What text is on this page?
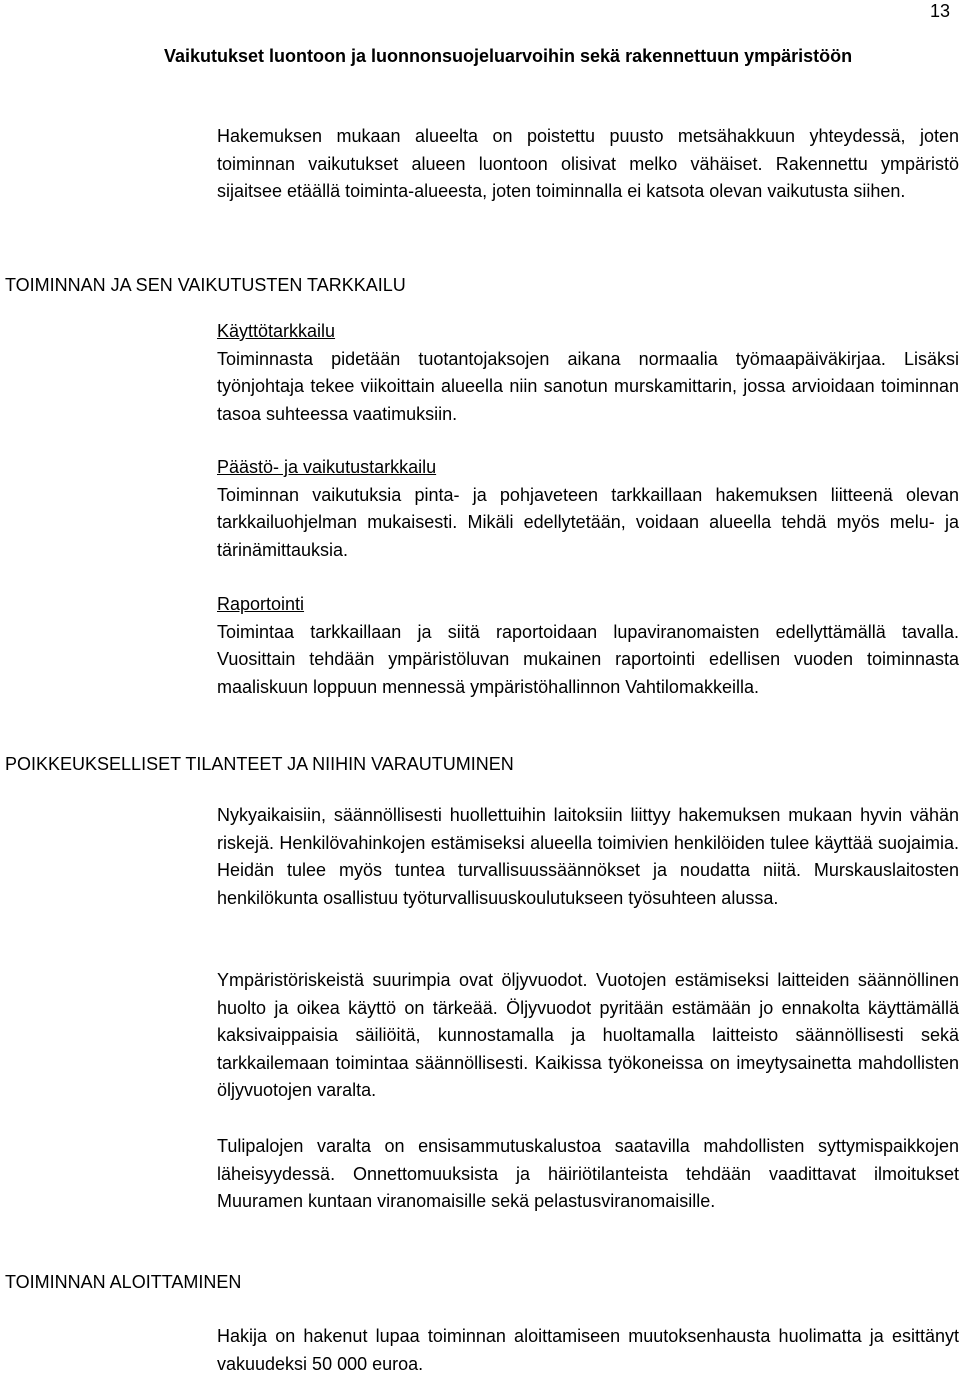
13
Vaikutukset luontoon ja luonnonsuojeluarvoihin sekä rakennettuun ympäristöön

Hakemuksen mukaan alueelta on poistettu puusto metsähakkuun yhteydessä, joten toiminnan vaikutukset alueen luontoon olisivat melko vähäiset. Rakennettu ympäristö sijaitsee etäällä toiminta-alueesta, joten toiminnalla ei katsota olevan vaikutusta siihen.

TOIMINNAN JA SEN VAIKUTUSTEN TARKKAILU
Käyttötarkkailu
Toiminnasta pidetään tuotantojaksojen aikana normaalia työmaapäiväkirjaa. Lisäksi työnjohtaja tekee viikoittain alueella niin sanotun murskamittarin, jossa arvioidaan toiminnan tasoa suhteessa vaatimuksiin.
Päästö- ja vaikutustarkkailu
Toiminnan vaikutuksia pinta- ja pohjaveteen tarkkaillaan hakemuksen liitteenä olevan tarkkailuohjelman mukaisesti. Mikäli edellytetään, voidaan alueella tehdä myös melu- ja tärinämittauksia.
Raportointi
Toimintaa tarkkaillaan ja siitä raportoidaan lupaviranomaisten edellyttämällä tavalla. Vuosittain tehdään ympäristöluvan mukainen raportointi edellisen vuoden toiminnasta maaliskuun loppuun mennessä ympäristöhallinnon Vahtilomakkeilla.
POIKKEUKSELLISET TILANTEET JA NIIHIN VARAUTUMINEN

Nykyaikaisiin, säännöllisesti huollettuihin laitoksiin liittyy hakemuksen mukaan hyvin vähän riskejä. Henkilövahinkojen estämiseksi alueella toimivien henkilöiden tulee käyttää suojaimia. Heidän tulee myös tuntea turvallisuussäännökset ja noudatta niitä. Murskauslaitosten henkilökunta osallistuu työturvallisuuskoulutukseen työsuhteen alussa.

Ympäristöriskeistä suurimpia ovat öljyvuodot. Vuotojen estämiseksi laitteiden säännöllinen huolto ja oikea käyttö on tärkeää. Öljyvuodot pyritään estämään jo ennakolta käyttämällä kaksivaippaisia säiliöitä, kunnostamalla ja huoltamalla laitteisto säännöllisesti sekä tarkkailemaan toimintaa säännöllisesti. Kaikissa työkoneissa on imeytysainetta mahdollisten öljyvuotojen varalta.

Tulipalojen varalta on ensisammutuskalustoa saatavilla mahdollisten syttymispaikkojen läheisyydessä. Onnettomuuksista ja häiriötilanteista tehdään vaadittavat ilmoitukset Muuramen kuntaan viranomaisille sekä pelastusviranomaisille.

TOIMINNAN ALOITTAMINEN

Hakija on hakenut lupaa toiminnan aloittamiseen muutoksenhausta huolimatta ja esittänyt vakuudeksi 50 000 euroa.
